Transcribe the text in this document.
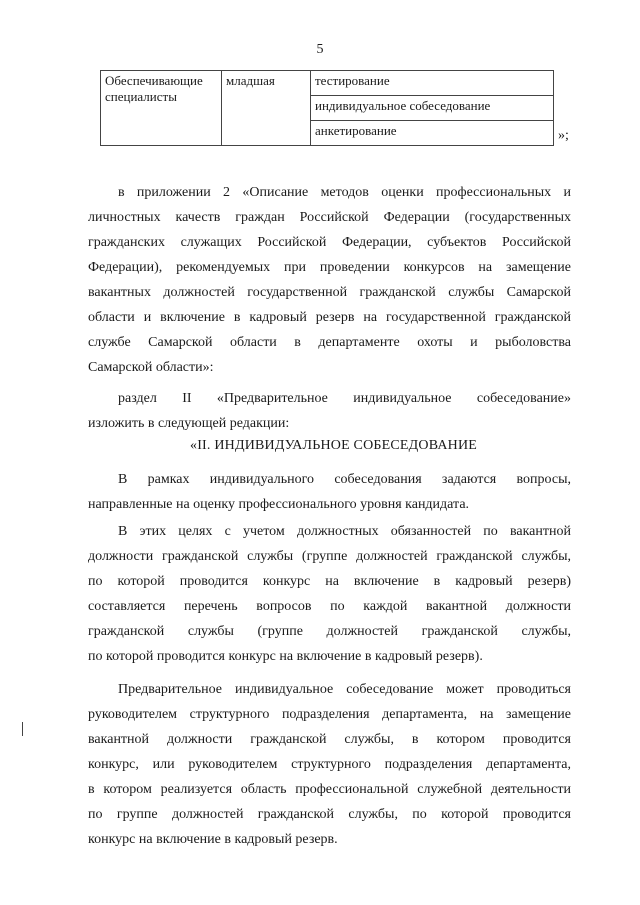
5
Обеспечивающие специалисты	младшая	тестирование
индивидуальное собеседование
анкетирование	»;
в приложении 2 «Описание методов оценки профессиональных и
личностных качеств граждан Российской Федерации (государственных
гражданских служащих Российской Федерации, субъектов Российской
Федерации), рекомендуемых при проведении конкурсов на замещение
вакантных должностей государственной гражданской службы Самарской
области и включение в кадровый резерв на государственной гражданской
службе Самарской области в департаменте охоты и рыболовства
Самарской области»:
раздел II «Предварительное индивидуальное собеседование»
изложить в следующей редакции:
«II. ИНДИВИДУАЛЬНОЕ СОБЕСЕДОВАНИЕ
В рамках индивидуального собеседования задаются вопросы,
направленные на оценку профессионального уровня кандидата.
В этих целях с учетом должностных обязанностей по вакантной
должности гражданской службы (группе должностей гражданской службы,
по которой проводится конкурс на включение в кадровый резерв)
составляется перечень вопросов по каждой вакантной должности
гражданской службы (группе должностей гражданской службы,
по которой проводится конкурс на включение в кадровый резерв).
Предварительное индивидуальное собеседование может проводиться
руководителем структурного подразделения департамента, на замещение
вакантной должности гражданской службы, в котором проводится
конкурс, или руководителем структурного подразделения департамента,
в котором реализуется область профессиональной служебной деятельности
по группе должностей гражданской службы, по которой проводится
конкурс на включение в кадровый резерв.
